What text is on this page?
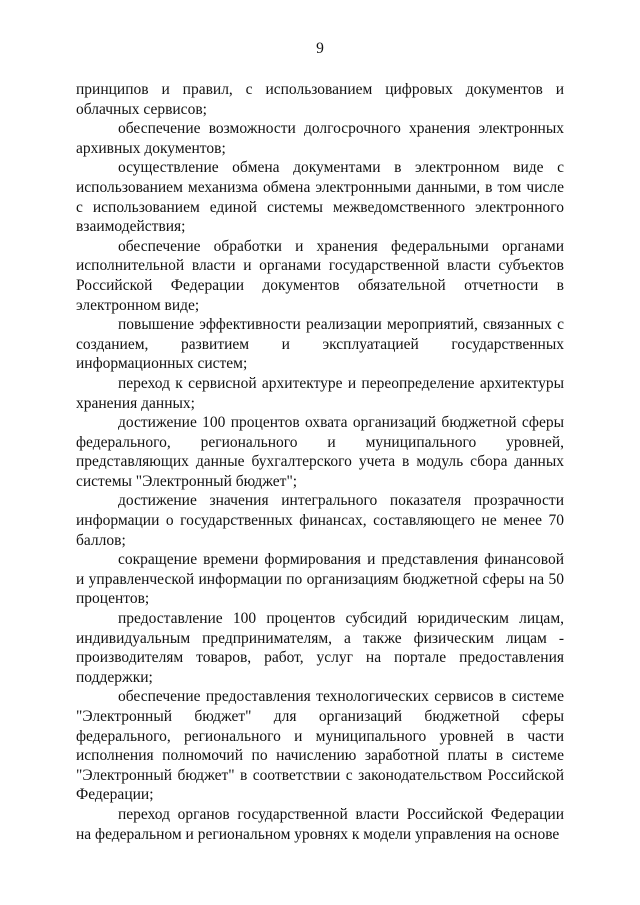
9

принципов и правил, с использованием цифровых документов и облачных сервисов;

обеспечение возможности долгосрочного хранения электронных архивных документов;

осуществление обмена документами в электронном виде с использованием механизма обмена электронными данными, в том числе с использованием единой системы межведомственного электронного взаимодействия;

обеспечение обработки и хранения федеральными органами исполнительной власти и органами государственной власти субъектов Российской Федерации документов обязательной отчетности в электронном виде;

повышение эффективности реализации мероприятий, связанных с созданием, развитием и эксплуатацией государственных информационных систем;

переход к сервисной архитектуре и переопределение архитектуры хранения данных;

достижение 100 процентов охвата организаций бюджетной сферы федерального, регионального и муниципального уровней, представляющих данные бухгалтерского учета в модуль сбора данных системы "Электронный бюджет";

достижение значения интегрального показателя прозрачности информации о государственных финансах, составляющего не менее 70 баллов;

сокращение времени формирования и представления финансовой и управленческой информации по организациям бюджетной сферы на 50 процентов;

предоставление 100 процентов субсидий юридическим лицам, индивидуальным предпринимателям, а также физическим лицам - производителям товаров, работ, услуг на портале предоставления поддержки;

обеспечение предоставления технологических сервисов в системе "Электронный бюджет" для организаций бюджетной сферы федерального, регионального и муниципального уровней в части исполнения полномочий по начислению заработной платы в системе "Электронный бюджет" в соответствии с законодательством Российской Федерации;

переход органов государственной власти Российской Федерации на федеральном и региональном уровнях к модели управления на основе
